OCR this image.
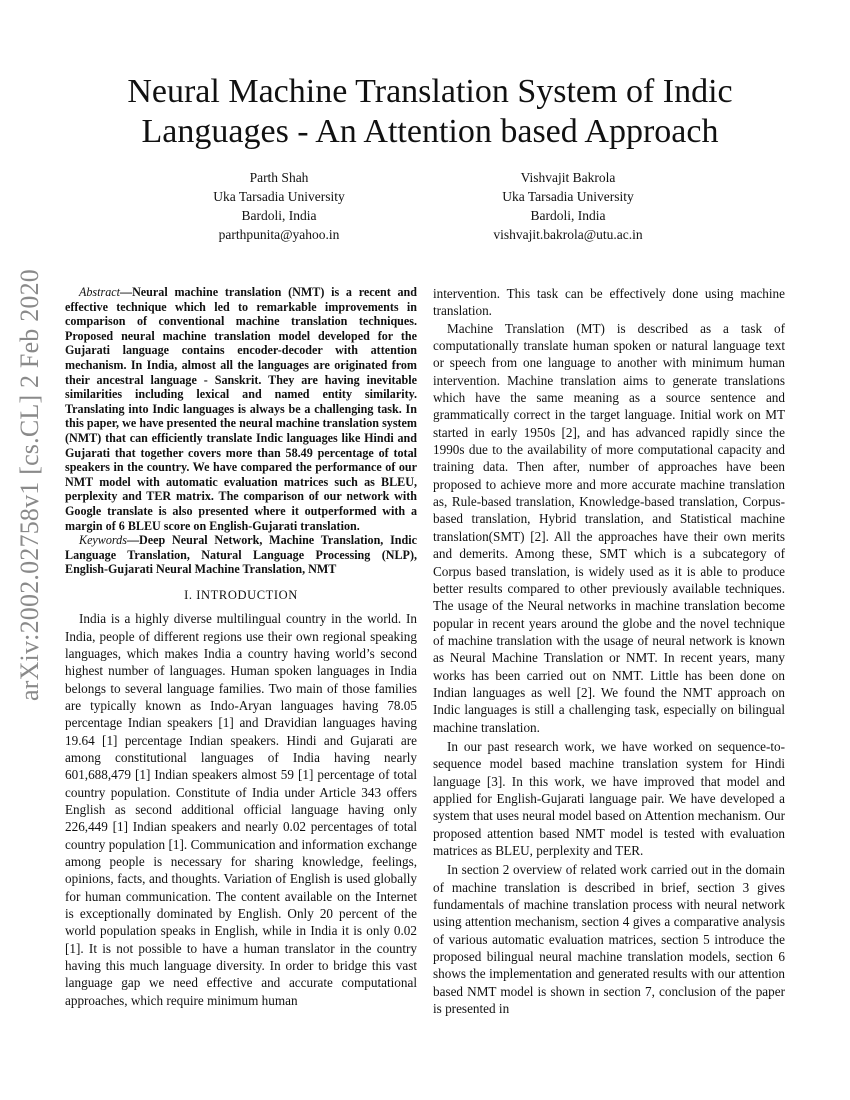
arXiv:2002.02758v1 [cs.CL] 2 Feb 2020
Neural Machine Translation System of Indic Languages - An Attention based Approach
Parth Shah
Uka Tarsadia University
Bardoli, India
parthpunita@yahoo.in
Vishvajit Bakrola
Uka Tarsadia University
Bardoli, India
vishvajit.bakrola@utu.ac.in

Abstract—Neural machine translation (NMT) is a recent and effective technique which led to remarkable improvements in comparison of conventional machine translation techniques. Proposed neural machine translation model developed for the Gujarati language contains encoder-decoder with attention mechanism. In India, almost all the languages are originated from their ancestral language - Sanskrit. They are having inevitable similarities including lexical and named entity similarity. Translating into Indic languages is always be a challenging task. In this paper, we have presented the neural machine translation system (NMT) that can efficiently translate Indic languages like Hindi and Gujarati that together covers more than 58.49 percentage of total speakers in the country. We have compared the performance of our NMT model with automatic evaluation matrices such as BLEU, perplexity and TER matrix. The comparison of our network with Google translate is also presented where it outperformed with a margin of 6 BLEU score on English-Gujarati translation.

Keywords—Deep Neural Network, Machine Translation, Indic Language Translation, Natural Language Processing (NLP), English-Gujarati Neural Machine Translation, NMT

I. INTRODUCTION

India is a highly diverse multilingual country in the world. In India, people of different regions use their own regional speaking languages, which makes India a country having world’s second highest number of languages. Human spoken languages in India belongs to several language families. Two main of those families are typically known as Indo-Aryan languages having 78.05 percentage Indian speakers [1] and Dravidian languages having 19.64 [1] percentage Indian speakers. Hindi and Gujarati are among constitutional languages of India having nearly 601,688,479 [1] Indian speakers almost 59 [1] percentage of total country population. Constitute of India under Article 343 offers English as second additional official language having only 226,449 [1] Indian speakers and nearly 0.02 percentages of total country population [1]. Communication and information exchange among people is necessary for sharing knowledge, feelings, opinions, facts, and thoughts. Variation of English is used globally for human communication. The content available on the Internet is exceptionally dominated by English. Only 20 percent of the world population speaks in English, while in India it is only 0.02 [1]. It is not possible to have a human translator in the country having this much language diversity. In order to bridge this vast language gap we need effective and accurate computational approaches, which require minimum human

intervention. This task can be effectively done using machine translation.

Machine Translation (MT) is described as a task of computationally translate human spoken or natural language text or speech from one language to another with minimum human intervention. Machine translation aims to generate translations which have the same meaning as a source sentence and grammatically correct in the target language. Initial work on MT started in early 1950s [2], and has advanced rapidly since the 1990s due to the availability of more computational capacity and training data. Then after, number of approaches have been proposed to achieve more and more accurate machine translation as, Rule-based translation, Knowledge-based translation, Corpus-based translation, Hybrid translation, and Statistical machine translation(SMT) [2]. All the approaches have their own merits and demerits. Among these, SMT which is a subcategory of Corpus based translation, is widely used as it is able to produce better results compared to other previously available techniques. The usage of the Neural networks in machine translation become popular in recent years around the globe and the novel technique of machine translation with the usage of neural network is known as Neural Machine Translation or NMT. In recent years, many works has been carried out on NMT. Little has been done on Indian languages as well [2]. We found the NMT approach on Indic languages is still a challenging task, especially on bilingual machine translation.

In our past research work, we have worked on sequence-to-sequence model based machine translation system for Hindi language [3]. In this work, we have improved that model and applied for English-Gujarati language pair. We have developed a system that uses neural model based on Attention mechanism. Our proposed attention based NMT model is tested with evaluation matrices as BLEU, perplexity and TER.

In section 2 overview of related work carried out in the domain of machine translation is described in brief, section 3 gives fundamentals of machine translation process with neural network using attention mechanism, section 4 gives a comparative analysis of various automatic evaluation matrices, section 5 introduce the proposed bilingual neural machine translation models, section 6 shows the implementation and generated results with our attention based NMT model is shown in section 7, conclusion of the paper is presented in
